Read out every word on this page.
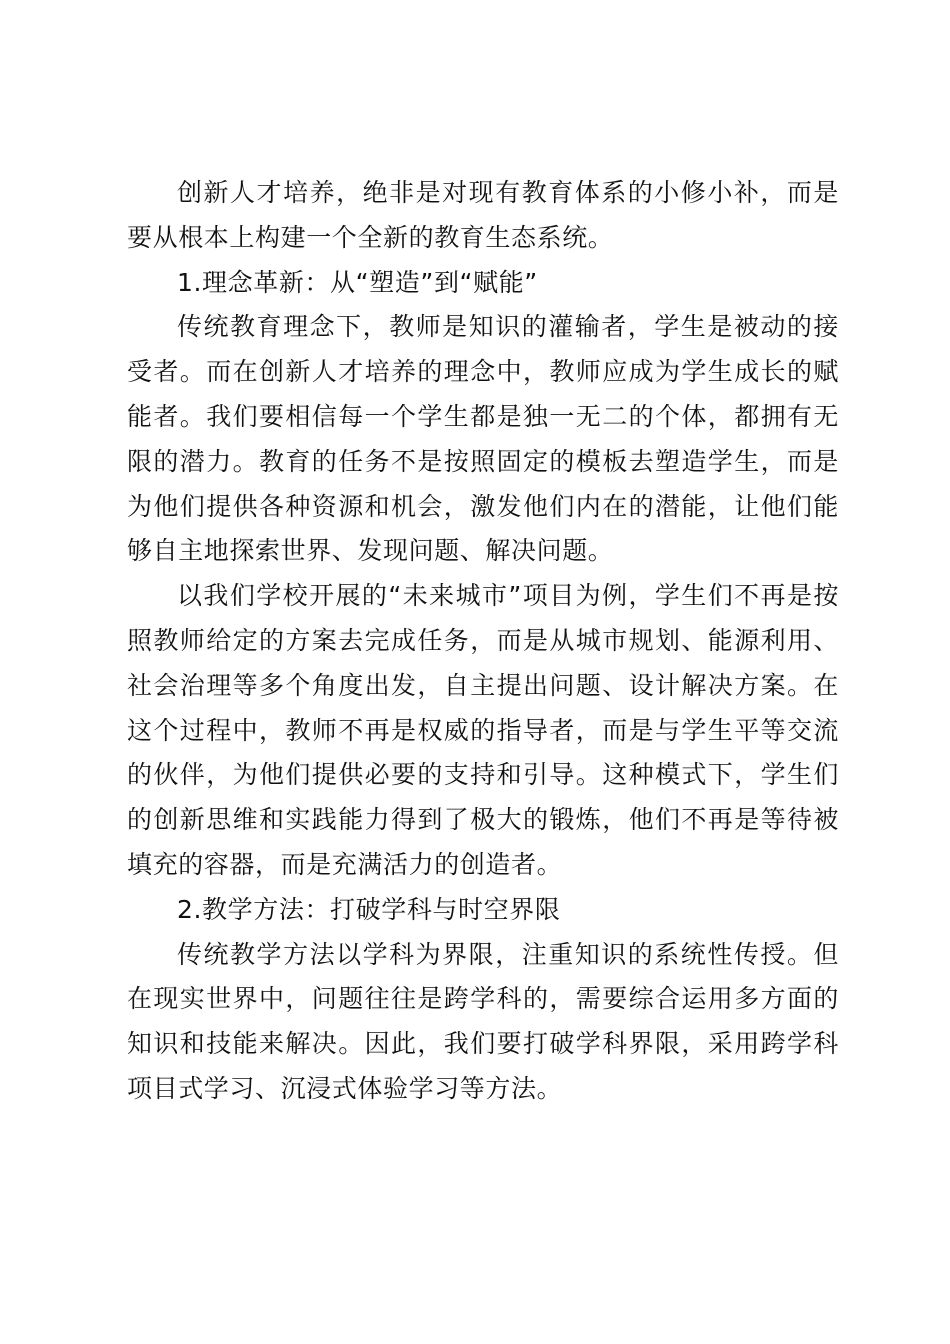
创新人才培养，绝非是对现有教育体系的小修小补，而是要从根本上构建一个全新的教育生态系统。

1.理念革新：从“塑造”到“赋能”

传统教育理念下，教师是知识的灌输者，学生是被动的接受者。而在创新人才培养的理念中，教师应成为学生成长的赋能者。我们要相信每一个学生都是独一无二的个体，都拥有无限的潜力。教育的任务不是按照固定的模板去塑造学生，而是为他们提供各种资源和机会，激发他们内在的潜能，让他们能够自主地探索世界、发现问题、解决问题。

以我们学校开展的“未来城市”项目为例，学生们不再是按照教师给定的方案去完成任务，而是从城市规划、能源利用、社会治理等多个角度出发，自主提出问题、设计解决方案。在这个过程中，教师不再是权威的指导者，而是与学生平等交流的伙伴，为他们提供必要的支持和引导。这种模式下，学生们的创新思维和实践能力得到了极大的锻炼，他们不再是等待被填充的容器，而是充满活力的创造者。

2.教学方法：打破学科与时空界限

传统教学方法以学科为界限，注重知识的系统性传授。但在现实世界中，问题往往是跨学科的，需要综合运用多方面的知识和技能来解决。因此，我们要打破学科界限，采用跨学科项目式学习、沉浸式体验学习等方法。
